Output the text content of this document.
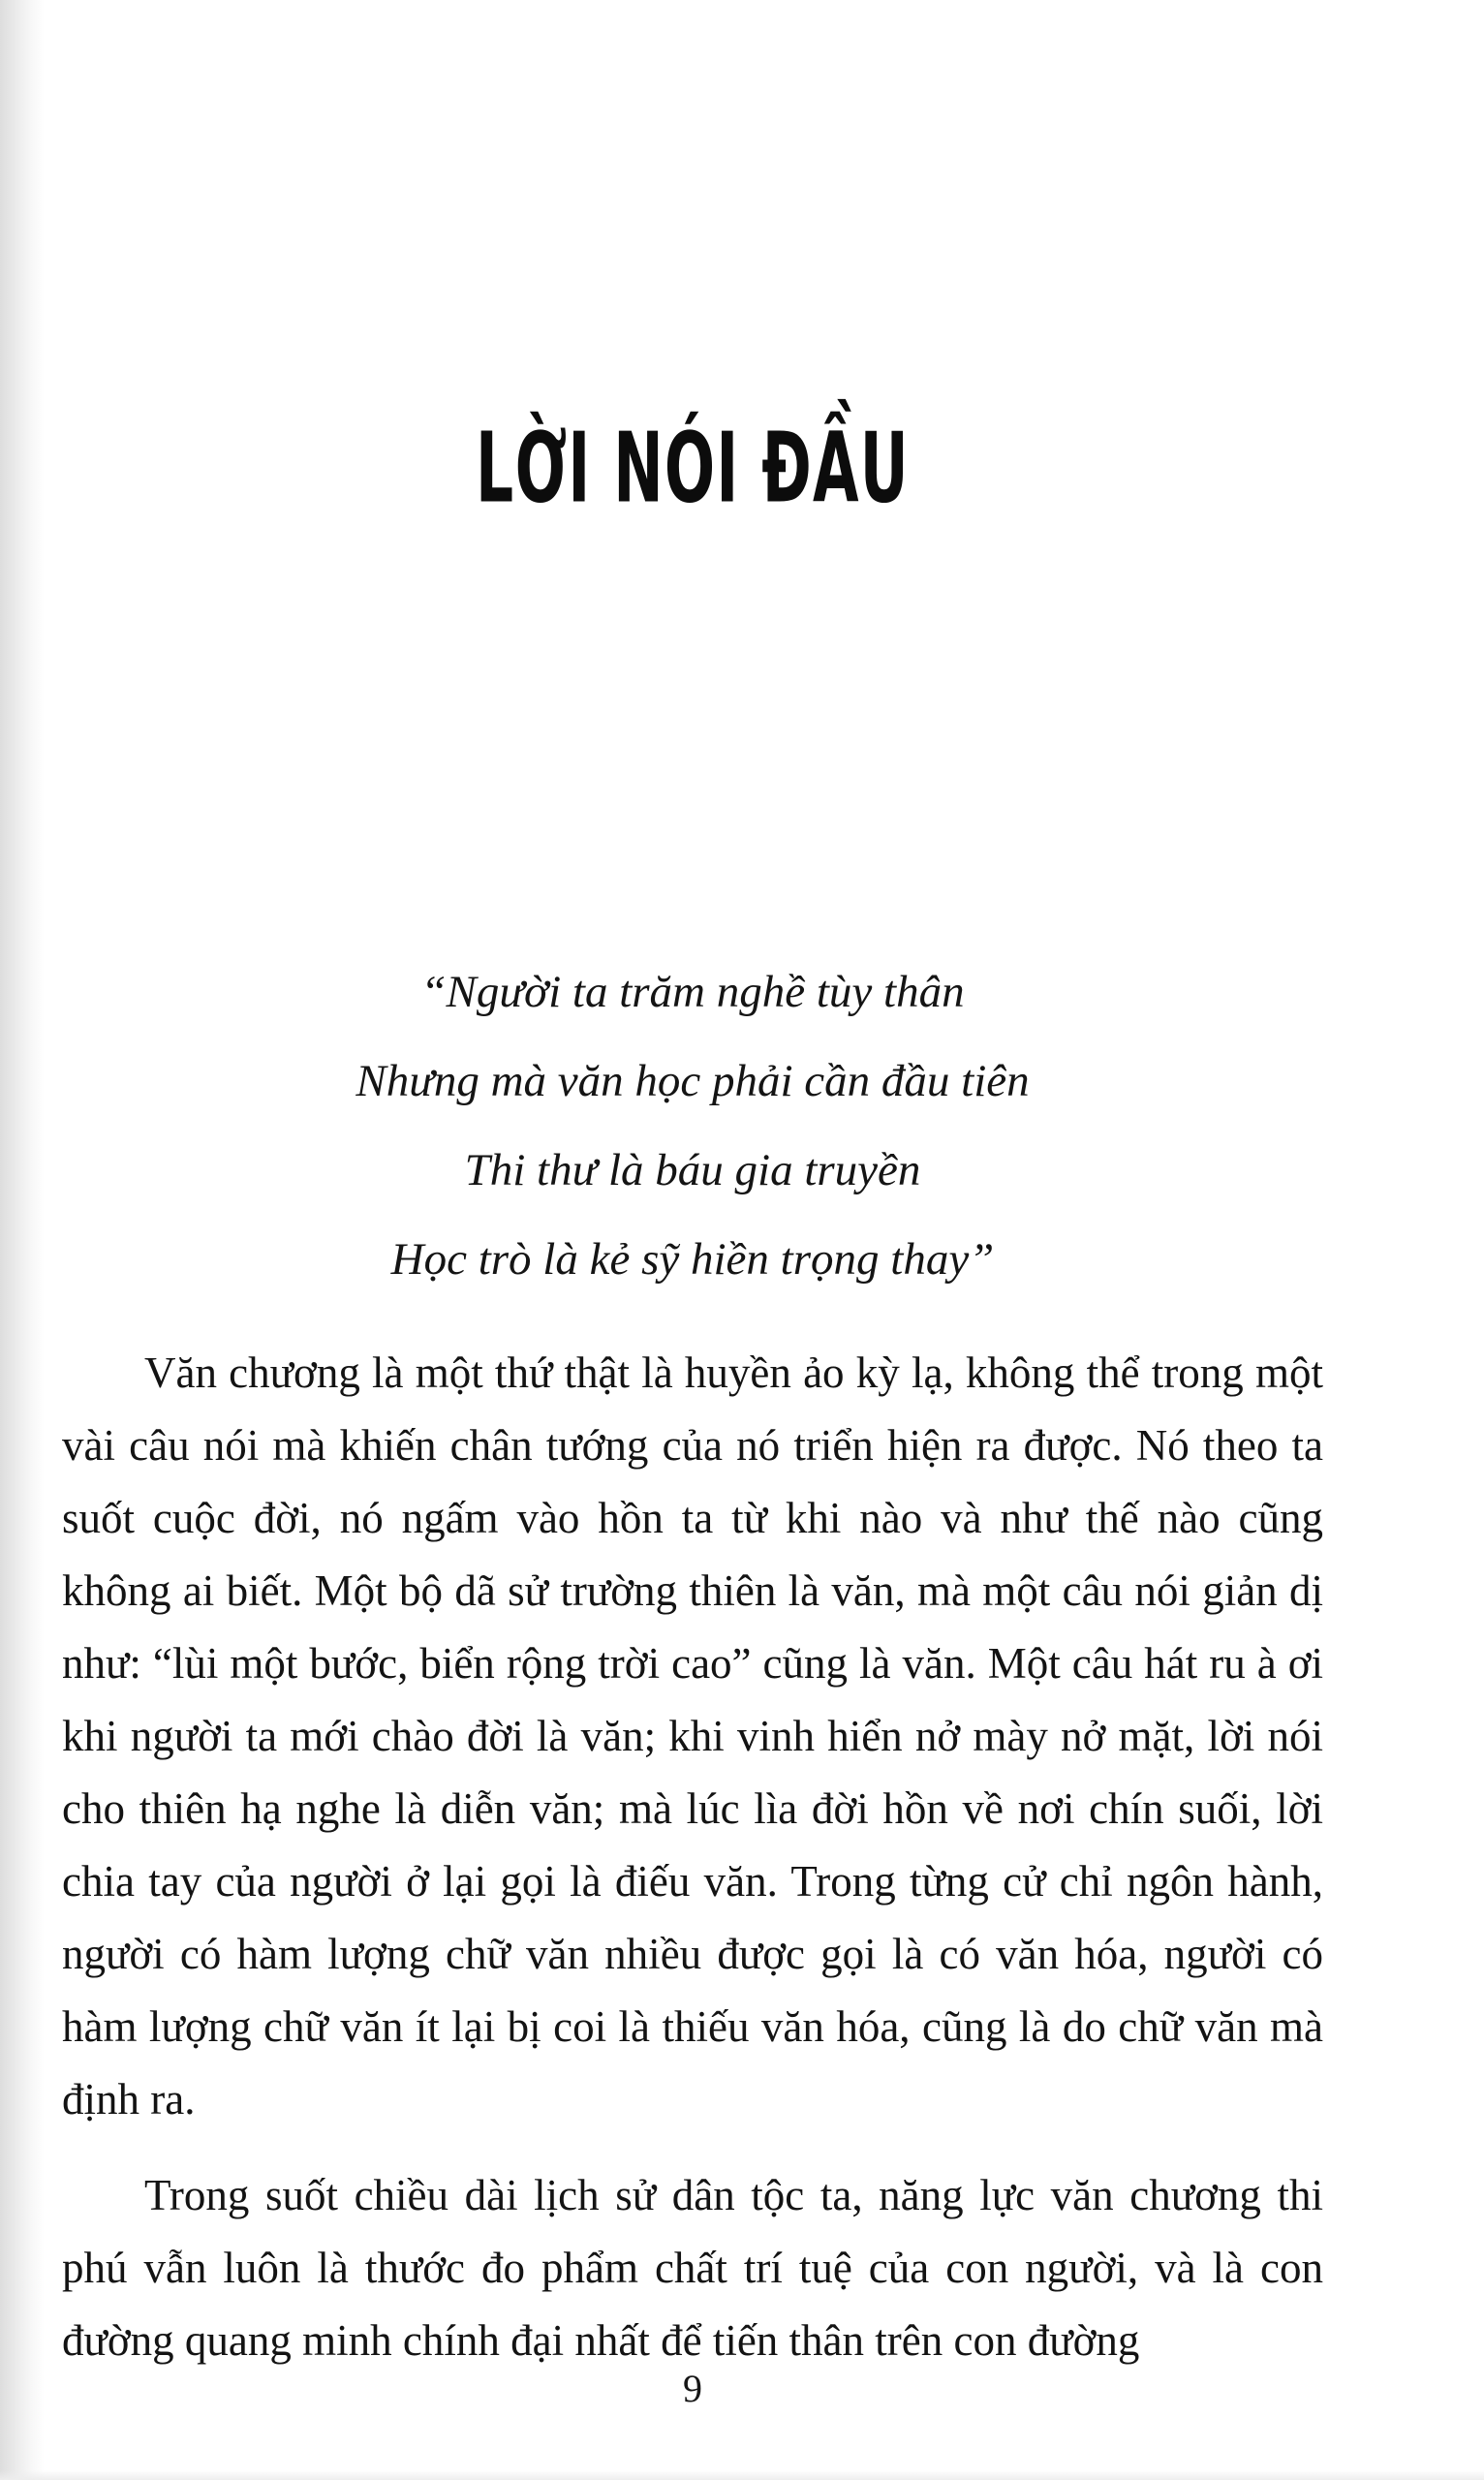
LỜI NÓI ĐẦU
“Người ta trăm nghề tùy thân
Nhưng mà văn học phải cần đầu tiên
Thi thư là báu gia truyền
Học trò là kẻ sỹ hiền trọng thay”

Văn chương là một thứ thật là huyền ảo kỳ lạ, không thể trong một vài câu nói mà khiến chân tướng của nó triển hiện ra được. Nó theo ta suốt cuộc đời, nó ngấm vào hồn ta từ khi nào và như thế nào cũng không ai biết. Một bộ dã sử trường thiên là văn, mà một câu nói giản dị như: “lùi một bước, biển rộng trời cao” cũng là văn. Một câu hát ru à ơi khi người ta mới chào đời là văn; khi vinh hiển nở mày nở mặt, lời nói cho thiên hạ nghe là diễn văn; mà lúc lìa đời hồn về nơi chín suối, lời chia tay của người ở lại gọi là điếu văn. Trong từng cử chỉ ngôn hành, người có hàm lượng chữ văn nhiều được gọi là có văn hóa, người có hàm lượng chữ văn ít lại bị coi là thiếu văn hóa, cũng là do chữ văn mà định ra.

Trong suốt chiều dài lịch sử dân tộc ta, năng lực văn chương thi phú vẫn luôn là thước đo phẩm chất trí tuệ của con người, và là con đường quang minh chính đại nhất để tiến thân trên con đường

9
